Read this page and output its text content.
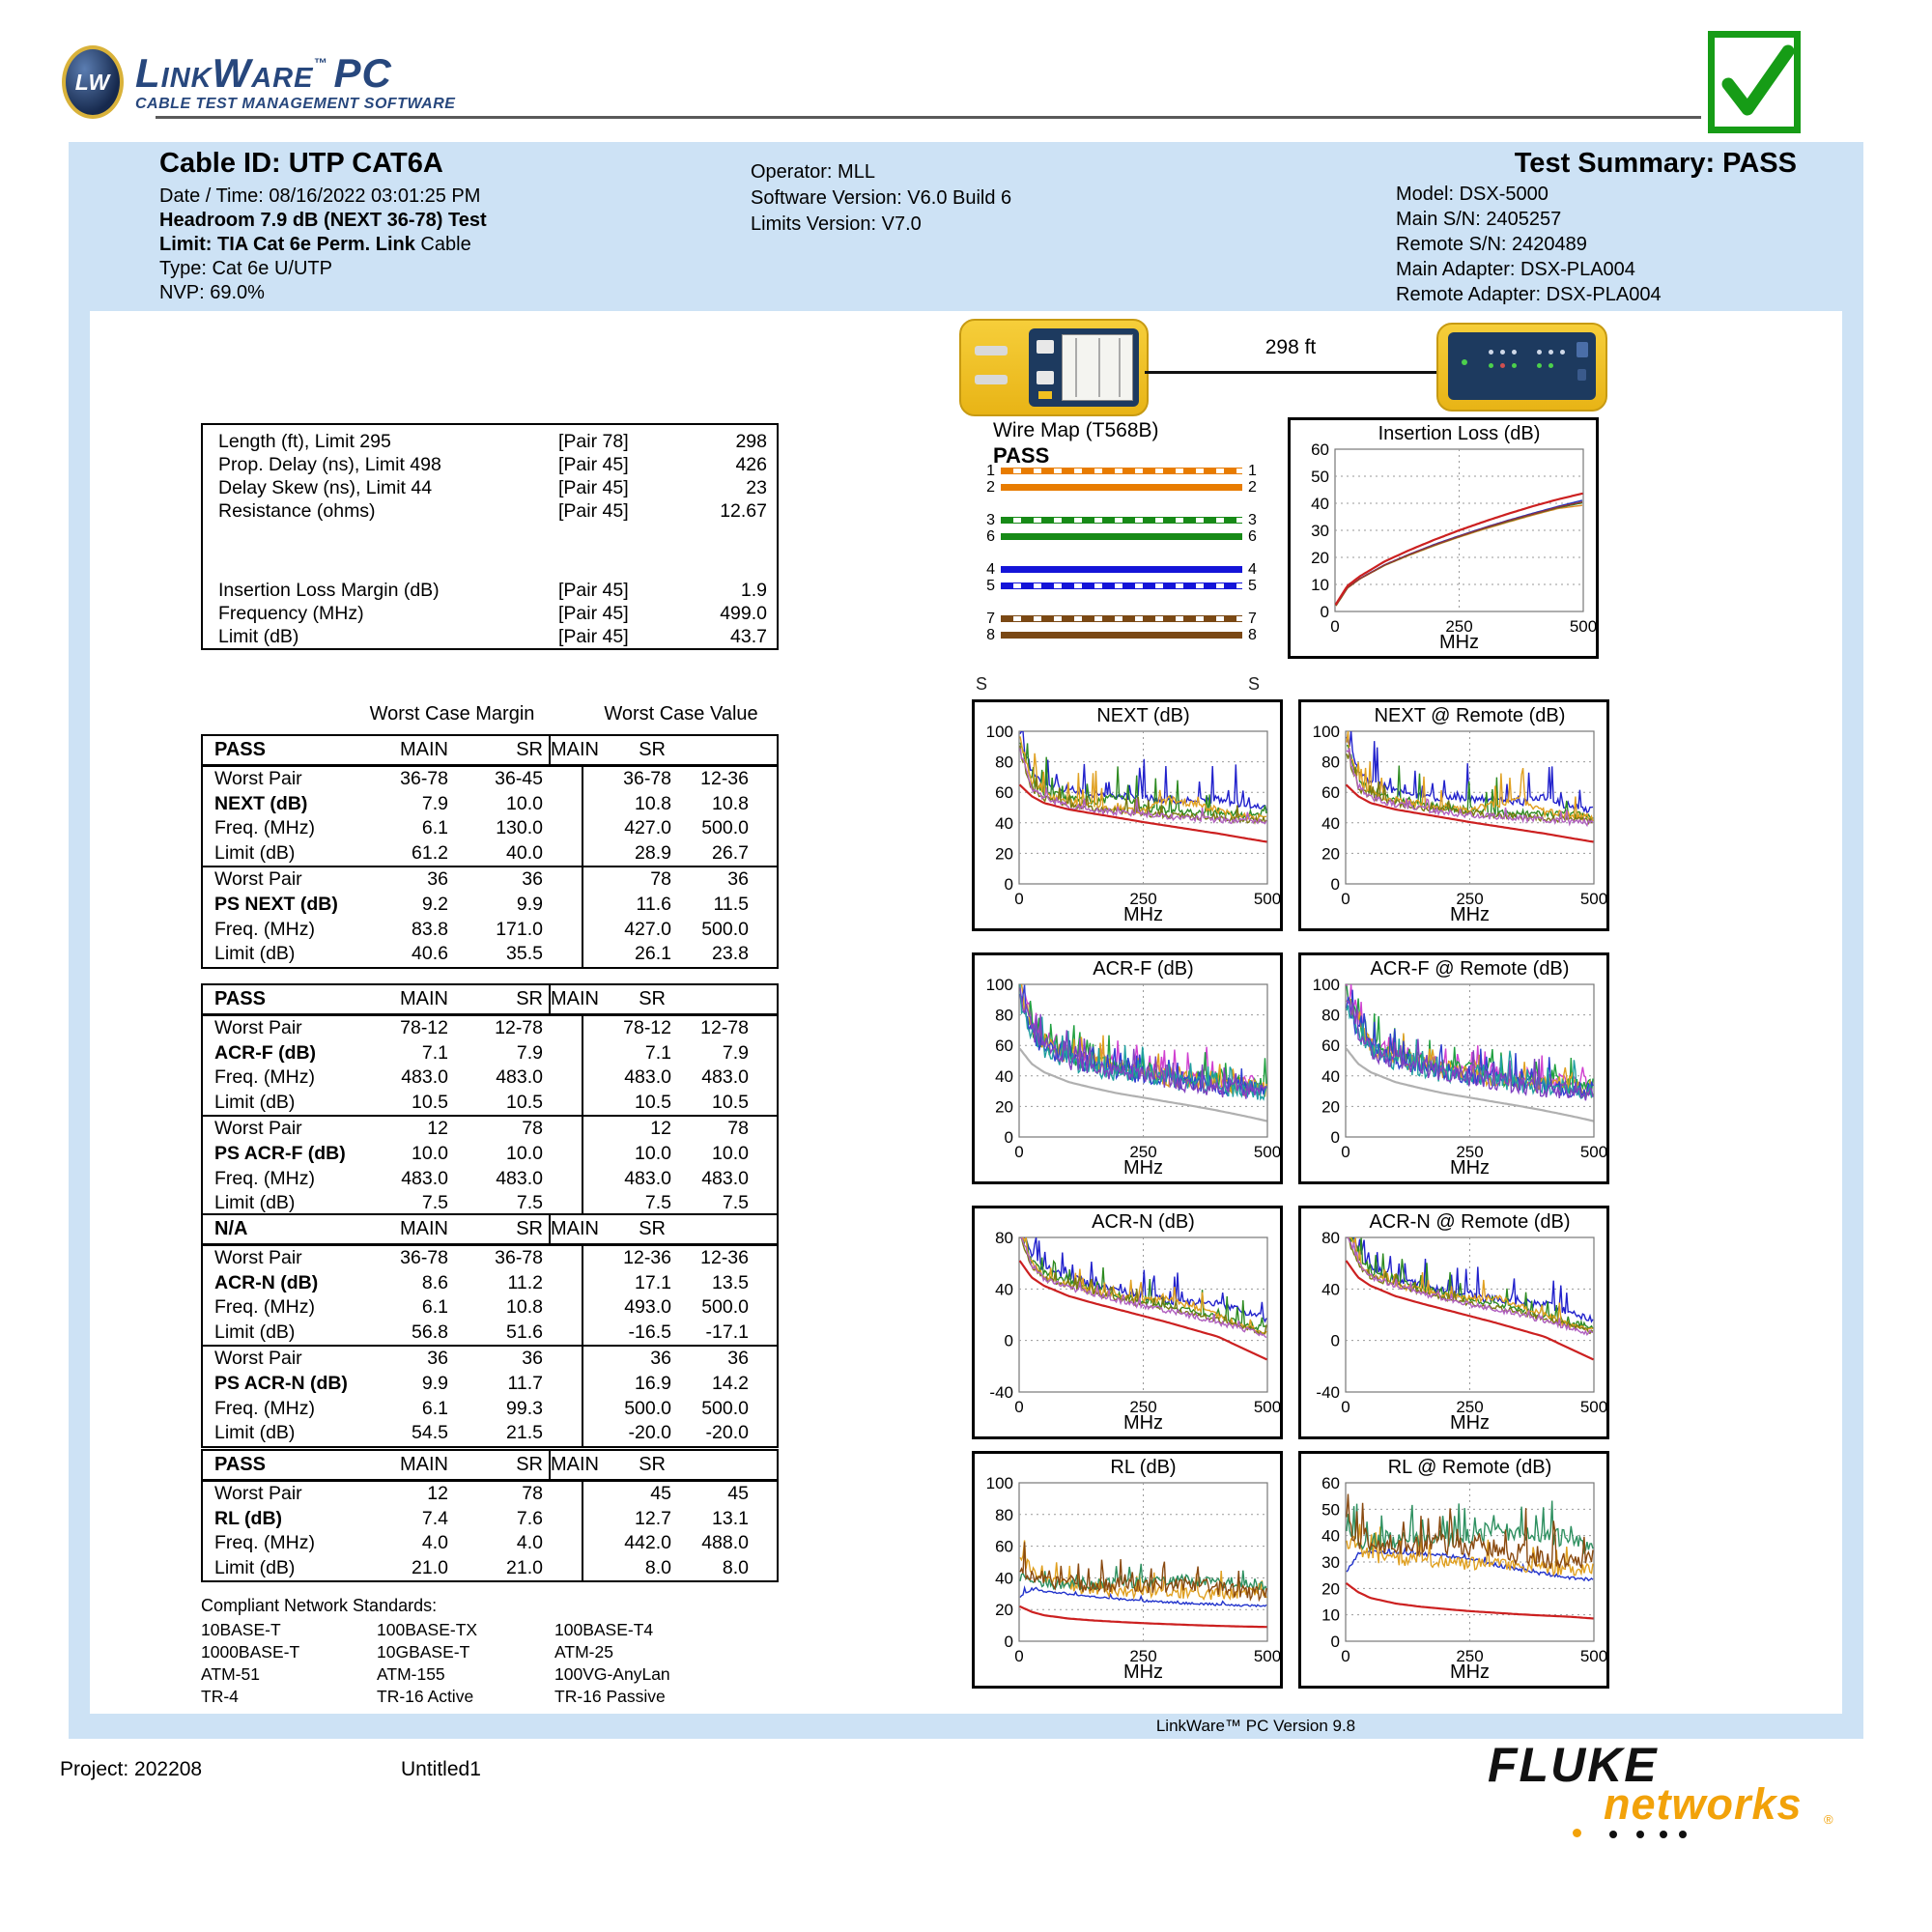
LW LinkWare™ PC
CABLE TEST MANAGEMENT SOFTWARE
Cable ID: UTP CAT6A
Date / Time: 08/16/2022 03:01:25 PM
Headroom 7.9 dB (NEXT 36-78) Test
Limit: TIA Cat 6e Perm. Link Cable
Type: Cat 6e U/UTP
NVP: 69.0%
Operator: MLL
Software Version: V6.0 Build 6
Limits Version: V7.0
Test Summary: PASS
Model: DSX-5000
Main S/N: 2405257
Remote S/N: 2420489
Main Adapter: DSX-PLA004
Remote Adapter: DSX-PLA004
298 ft
Wire Map (T568B)
PASS
1	1
2	2
3	3
6	6
4	4
5	5
7	7
8	8
S	S
Insertion Loss (dB)
0
10
20
30
40
50
60
0	250	500
MHz
NEXT (dB)
0
20
40
60
80
100
0	250	500
MHz
NEXT @ Remote (dB)
0
20
40
60
80
100
0	250	500
MHz
ACR-F (dB)
0
20
40
60
80
100
0	250	500
MHz
ACR-F @ Remote (dB)
0
20
40
60
80
100
0	250	500
MHz
ACR-N (dB)
-40
0
40
80
0	250	500
MHz
ACR-N @ Remote (dB)
-40
0
40
80
0	250	500
MHz
RL (dB)
0
20
40
60
80
100
0	250	500
MHz
RL @ Remote (dB)
0
10
20
30
40
50
60
0	250	500
MHz
Length (ft), Limit 295	[Pair 78]	298
Prop. Delay (ns), Limit 498	[Pair 45]	426
Delay Skew (ns), Limit 44	[Pair 45]	23
Resistance (ohms)	[Pair 45]	12.67
Insertion Loss Margin (dB)	[Pair 45]	1.9
Frequency (MHz)	[Pair 45]	499.0
Limit (dB)	[Pair 45]	43.7
Worst Case Margin	Worst Case Value
PASS	MAIN	SR MAIN	SR
Worst Pair	36-78	36-45	36-78	12-36
NEXT (dB)	7.9	10.0	10.8	10.8
Freq. (MHz)	6.1	130.0	427.0	500.0
Limit (dB)	61.2	40.0	28.9	26.7
Worst Pair	36	36	78	36
PS NEXT (dB)	9.2	9.9	11.6	11.5
Freq. (MHz)	83.8	171.0	427.0	500.0
Limit (dB)	40.6	35.5	26.1	23.8
PASS	MAIN	SR MAIN	SR
Worst Pair	78-12	12-78	78-12	12-78
ACR-F (dB)	7.1	7.9	7.1	7.9
Freq. (MHz)	483.0	483.0	483.0	483.0
Limit (dB)	10.5	10.5	10.5	10.5
Worst Pair	12	78	12	78
PS ACR-F (dB)	10.0	10.0	10.0	10.0
Freq. (MHz)	483.0	483.0	483.0	483.0
Limit (dB)	7.5	7.5	7.5	7.5
N/A	MAIN	SR MAIN	SR
Worst Pair	36-78	36-78	12-36	12-36
ACR-N (dB)	8.6	11.2	17.1	13.5
Freq. (MHz)	6.1	10.8	493.0	500.0
Limit (dB)	56.8	51.6	-16.5	-17.1
Worst Pair	36	36	36	36
PS ACR-N (dB)	9.9	11.7	16.9	14.2
Freq. (MHz)	6.1	99.3	500.0	500.0
Limit (dB)	54.5	21.5	-20.0	-20.0
PASS	MAIN	SR MAIN	SR
Worst Pair	12	78	45	45
RL (dB)	7.4	7.6	12.7	13.1
Freq. (MHz)	4.0	4.0	442.0	488.0
Limit (dB)	21.0	21.0	8.0	8.0
Compliant Network Standards:
10BASE-T	100BASE-TX	100BASE-T4
1000BASE-T	10GBASE-T	ATM-25
ATM-51	ATM-155	100VG-AnyLan
TR-4	TR-16 Active	TR-16 Passive
LinkWare™ PC Version 9.8
Project: 202208	Untitled1	FLUKE
networks ®
